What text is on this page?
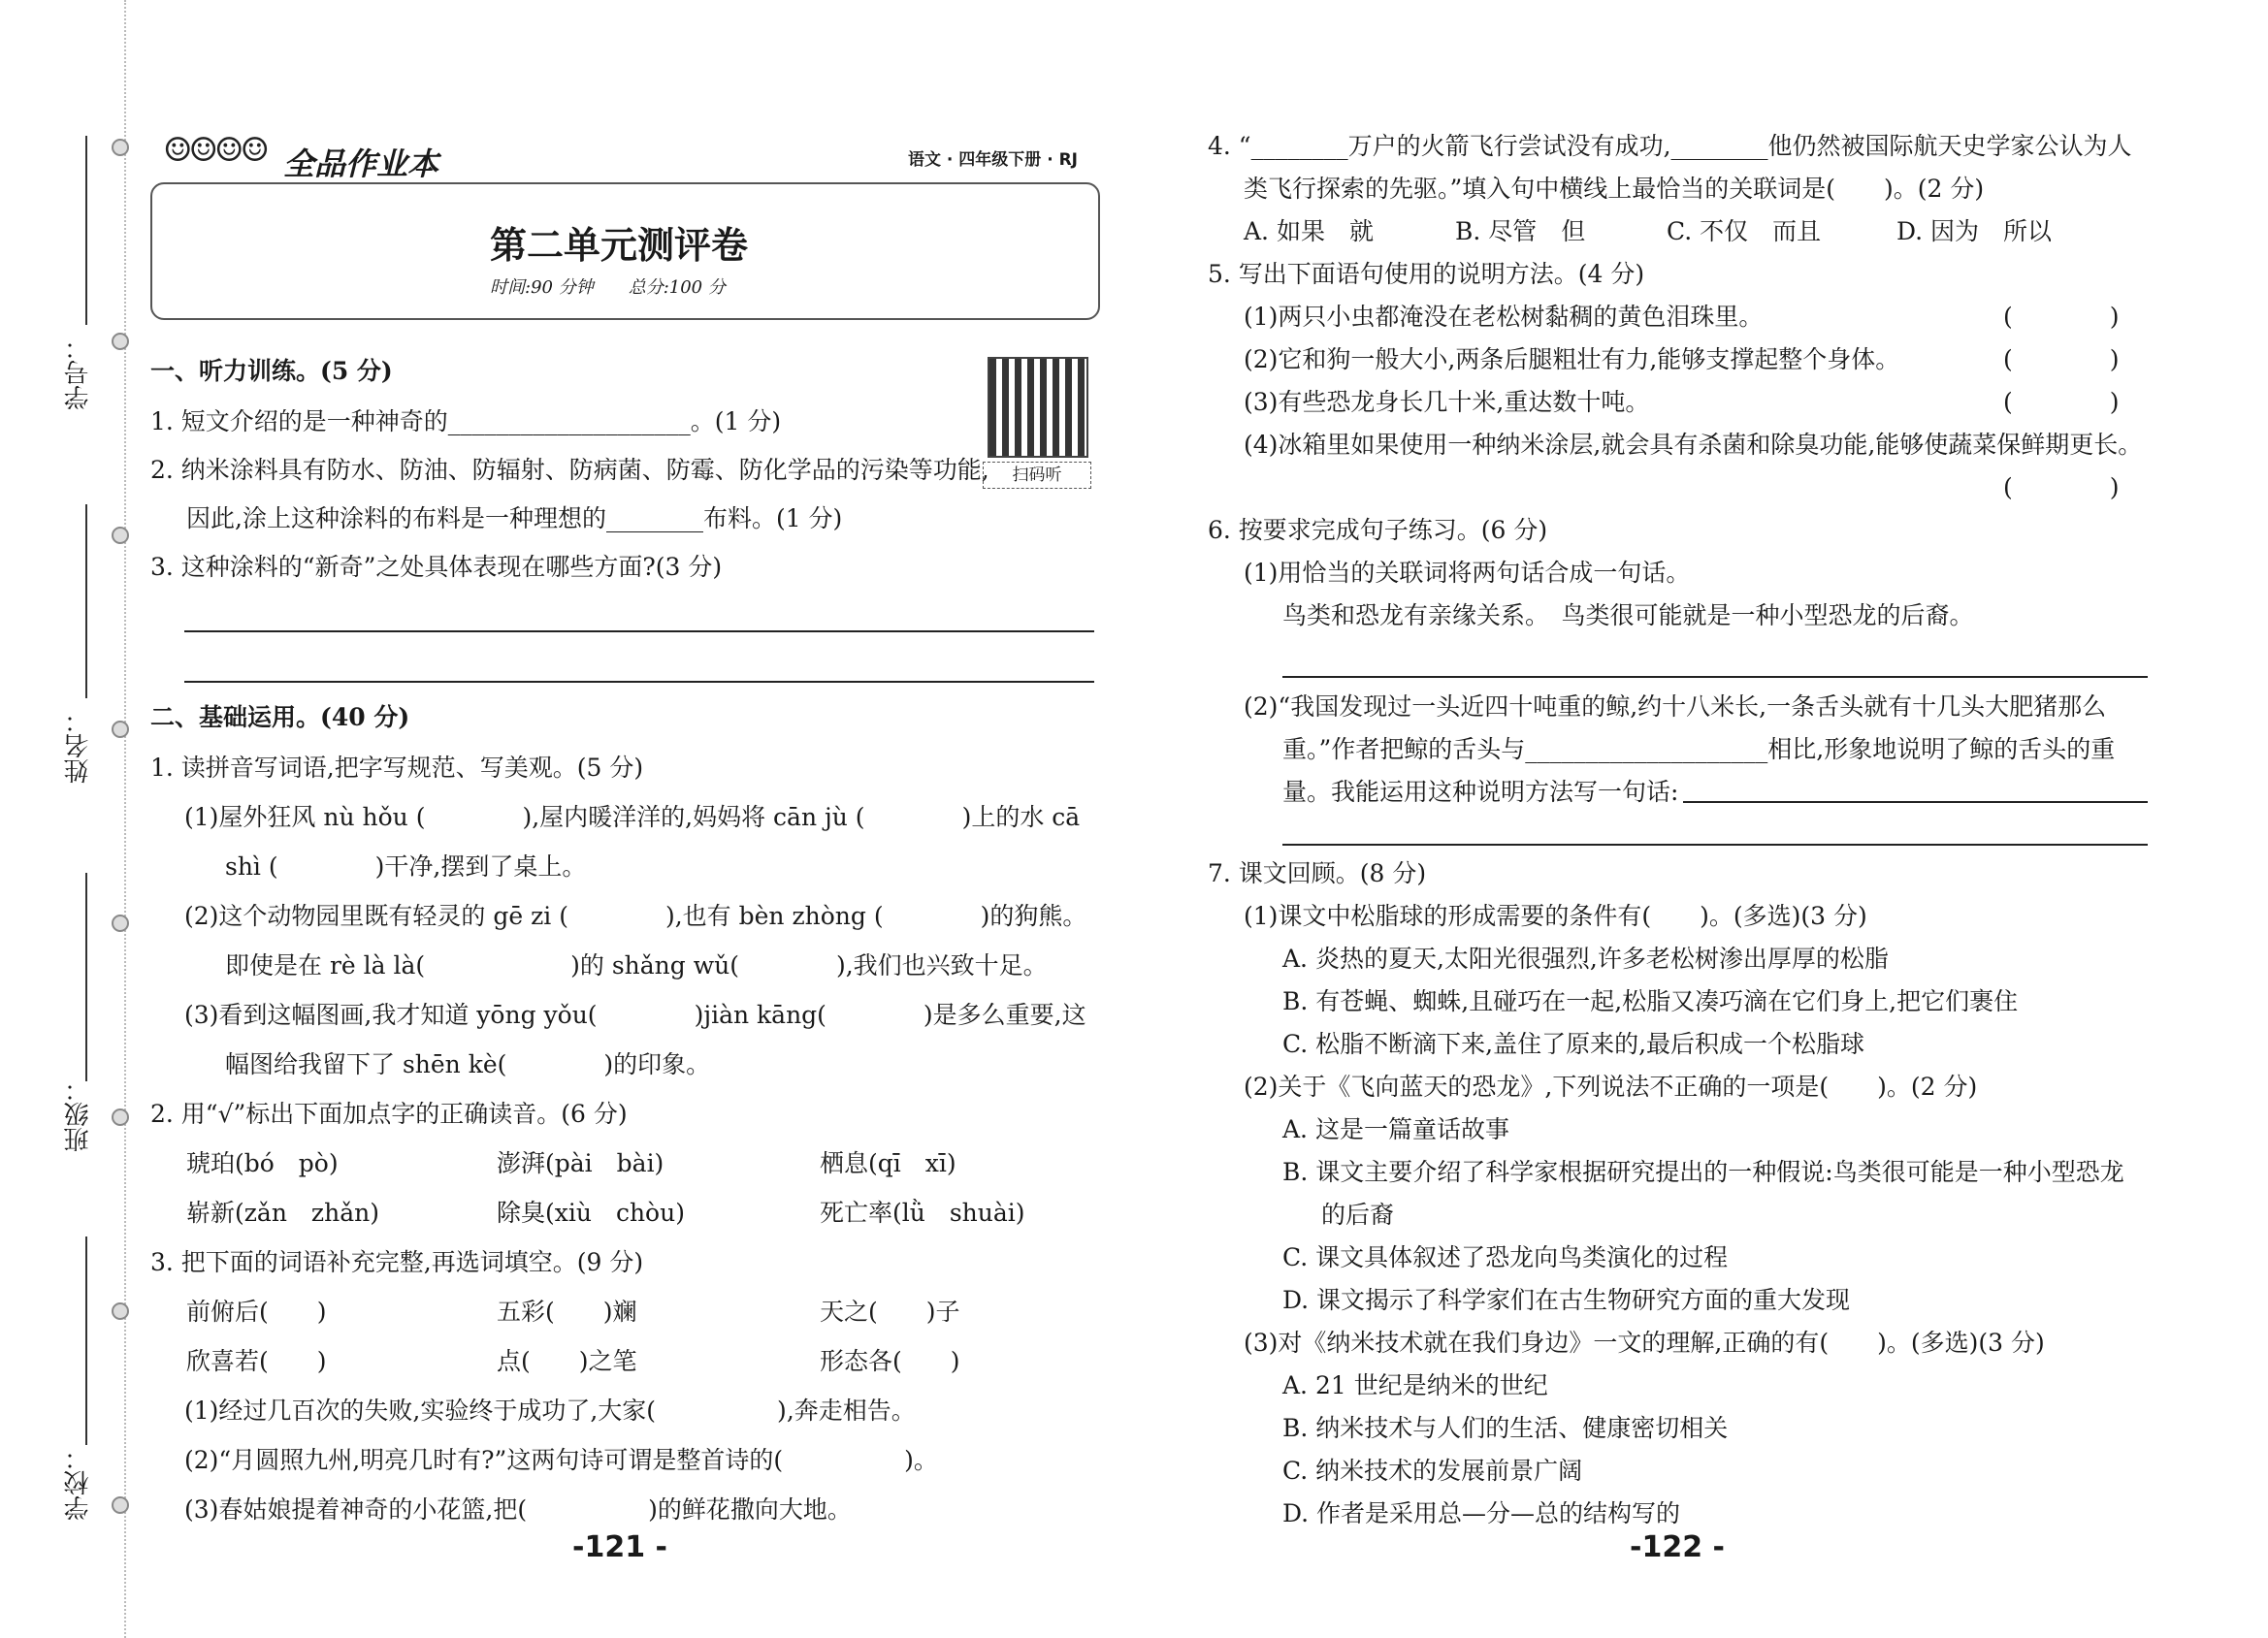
学号：
姓名：
班级：
学校：
☺☺☺☺ 全品作业本	语文 · 四年级下册 · RJ
第二单元测评卷
时间:90 分钟　　总分:100 分
扫码听
一、听力训练。(5 分)
1. 短文介绍的是一种神奇的____________________。(1 分)
2. 纳米涂料具有防水、防油、防辐射、防病菌、防霉、防化学品的污染等功能,
因此,涂上这种涂料的布料是一种理想的________布料。(1 分)
3. 这种涂料的“新奇”之处具体表现在哪些方面?(3 分)
二、基础运用。(40 分)
1. 读拼音写词语,把字写规范、写美观。(5 分)
(1)屋外狂风 nù hǒu (　　　　),屋内暖洋洋的,妈妈将 cān jù (　　　　)上的水 cā
shì (　　　　)干净,摆到了桌上。
(2)这个动物园里既有轻灵的 gē zi (　　　　),也有 bèn zhòng (　　　　)的狗熊。
即使是在 rè là là(　　　　　　)的 shǎng wǔ(　　　　),我们也兴致十足。
(3)看到这幅图画,我才知道 yōng yǒu(　　　　)jiàn kāng(　　　　)是多么重要,这
幅图给我留下了 shēn kè(　　　　)的印象。
2. 用“√”标出下面加点字的正确读音。(6 分)
琥珀(bó　pò)	澎湃(pài　bài)	栖息(qī　xī)
崭新(zǎn　zhǎn)	除臭(xiù　chòu)	死亡率(lǜ　shuài)
3. 把下面的词语补充完整,再选词填空。(9 分)
前俯后(　　)	五彩(　　)斓	天之(　　)子
欣喜若(　　)	点(　　)之笔	形态各(　　)
(1)经过几百次的失败,实验终于成功了,大家(　　　　　),奔走相告。
(2)“月圆照九州,明亮几时有?”这两句诗可谓是整首诗的(　　　　　)。
(3)春姑娘提着神奇的小花篮,把(　　　　　)的鲜花撒向大地。
-121 -
4. “________万户的火箭飞行尝试没有成功,________他仍然被国际航天史学家公认为人
类飞行探索的先驱。”填入句中横线上最恰当的关联词是(　　)。(2 分)
A. 如果　就	B. 尽管　但	C. 不仅　而且	D. 因为　所以
5. 写出下面语句使用的说明方法。(4 分)
(1)两只小虫都淹没在老松树黏稠的黄色泪珠里。	(　　　　)
(2)它和狗一般大小,两条后腿粗壮有力,能够支撑起整个身体。	(　　　　)
(3)有些恐龙身长几十米,重达数十吨。	(　　　　)
(4)冰箱里如果使用一种纳米涂层,就会具有杀菌和除臭功能,能够使蔬菜保鲜期更长。
(　　　　)
6. 按要求完成句子练习。(6 分)
(1)用恰当的关联词将两句话合成一句话。
鸟类和恐龙有亲缘关系。　鸟类很可能就是一种小型恐龙的后裔。
(2)“我国发现过一头近四十吨重的鲸,约十八米长,一条舌头就有十几头大肥猪那么
重。”作者把鲸的舌头与____________________相比,形象地说明了鲸的舌头的重
量。我能运用这种说明方法写一句话:
7. 课文回顾。(8 分)
(1)课文中松脂球的形成需要的条件有(　　)。(多选)(3 分)
A. 炎热的夏天,太阳光很强烈,许多老松树渗出厚厚的松脂
B. 有苍蝇、蜘蛛,且碰巧在一起,松脂又凑巧滴在它们身上,把它们裹住
C. 松脂不断滴下来,盖住了原来的,最后积成一个松脂球
(2)关于《飞向蓝天的恐龙》,下列说法不正确的一项是(　　)。(2 分)
A. 这是一篇童话故事
B. 课文主要介绍了科学家根据研究提出的一种假说:鸟类很可能是一种小型恐龙
的后裔
C. 课文具体叙述了恐龙向鸟类演化的过程
D. 课文揭示了科学家们在古生物研究方面的重大发现
(3)对《纳米技术就在我们身边》一文的理解,正确的有(　　)。(多选)(3 分)
A. 21 世纪是纳米的世纪
B. 纳米技术与人们的生活、健康密切相关
C. 纳米技术的发展前景广阔
D. 作者是采用总—分—总的结构写的
-122 -
